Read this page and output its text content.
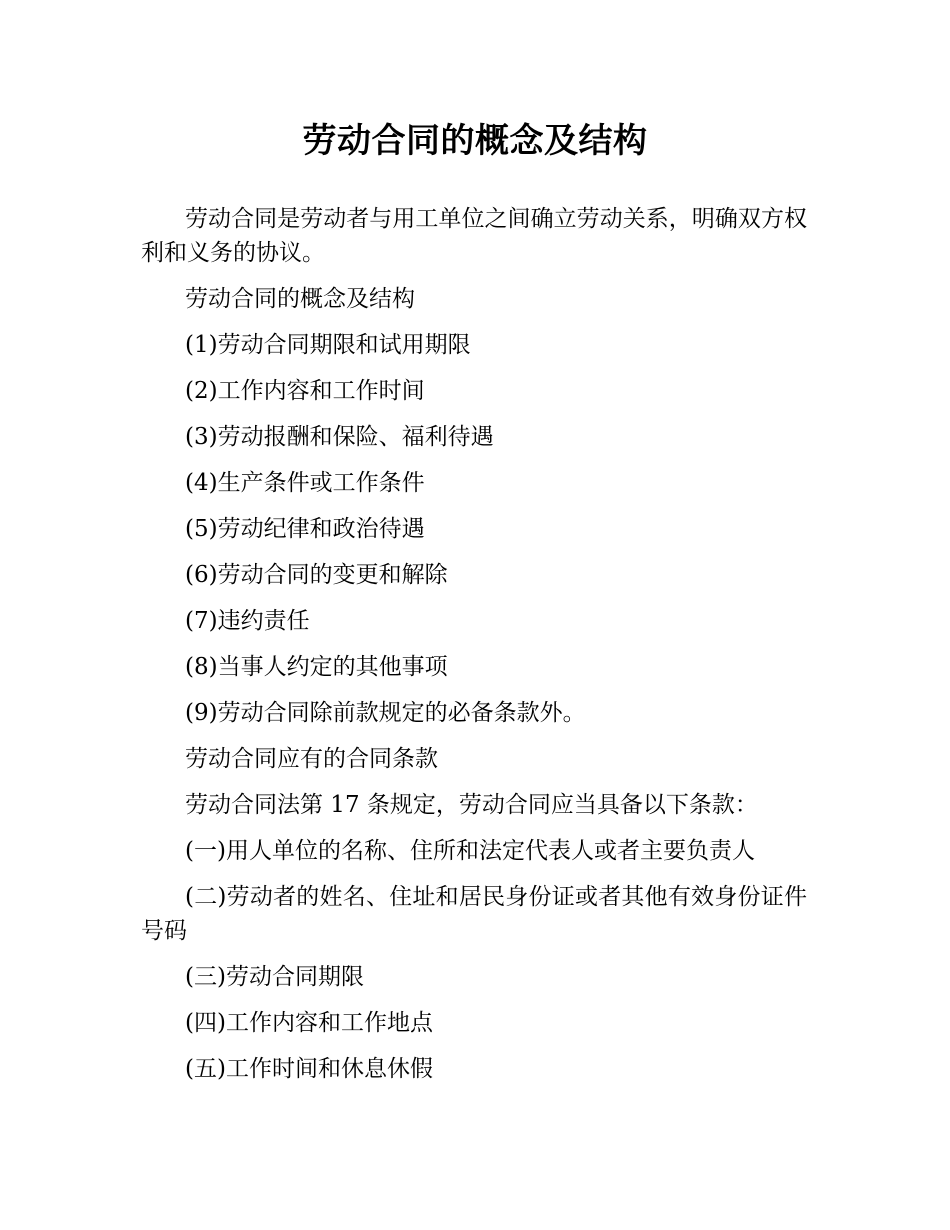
劳动合同的概念及结构

劳动合同是劳动者与用工单位之间确立劳动关系，明确双方权利和义务的协议。

劳动合同的概念及结构

(1)劳动合同期限和试用期限

(2)工作内容和工作时间

(3)劳动报酬和保险、福利待遇

(4)生产条件或工作条件

(5)劳动纪律和政治待遇

(6)劳动合同的变更和解除

(7)违约责任

(8)当事人约定的其他事项

(9)劳动合同除前款规定的必备条款外。

劳动合同应有的合同条款

劳动合同法第 17 条规定，劳动合同应当具备以下条款：

(一)用人单位的名称、住所和法定代表人或者主要负责人

(二)劳动者的姓名、住址和居民身份证或者其他有效身份证件号码

(三)劳动合同期限

(四)工作内容和工作地点

(五)工作时间和休息休假
